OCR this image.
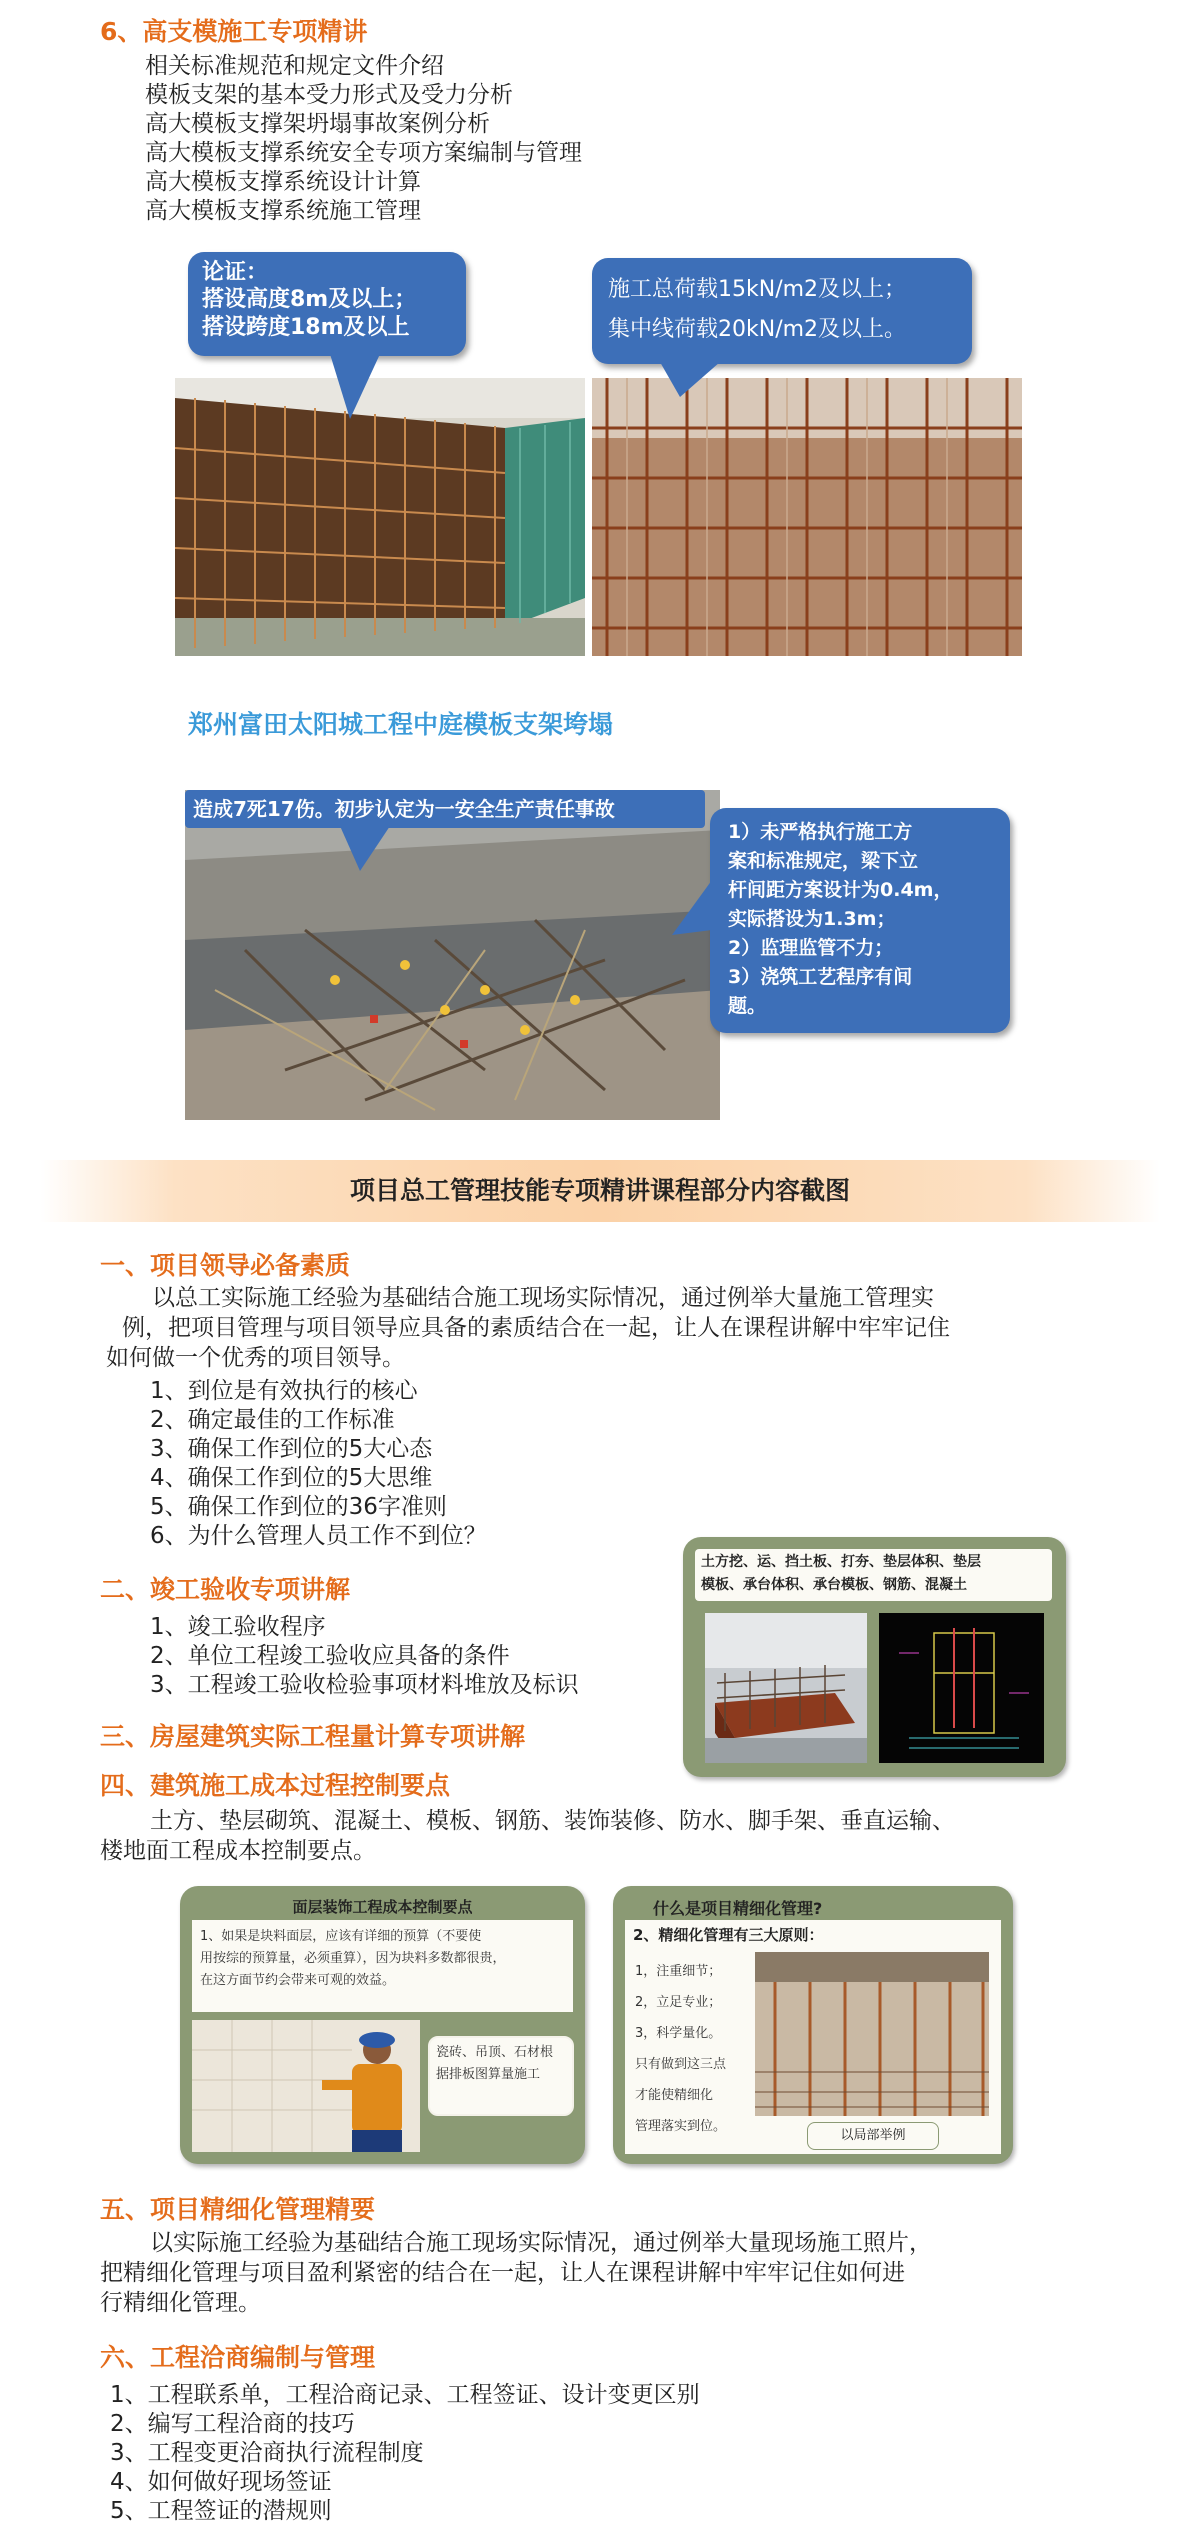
6、高支模施工专项精讲
相关标准规范和规定文件介绍
模板支架的基本受力形式及受力分析
高大模板支撑架坍塌事故案例分析
高大模板支撑系统安全专项方案编制与管理
高大模板支撑系统设计计算
高大模板支撑系统施工管理
论证：
搭设高度8m及以上；
搭设跨度18m及以上
施工总荷载15kN/m2及以上；
集中线荷载20kN/m2及以上。
郑州富田太阳城工程中庭模板支架垮塌
造成7死17伤。初步认定为一安全生产责任事故
1）未严格执行施工方
案和标准规定，梁下立
杆间距方案设计为0.4m，
实际搭设为1.3m；
2）监理监管不力；
3）浇筑工艺程序有间
题。
项目总工管理技能专项精讲课程部分内容截图
一、项目领导必备素质
以总工实际施工经验为基础结合施工现场实际情况，通过例举大量施工管理实
例，把项目管理与项目领导应具备的素质结合在一起，让人在课程讲解中牢牢记住
如何做一个优秀的项目领导。
1、到位是有效执行的核心
2、确定最佳的工作标准
3、确保工作到位的5大心态
4、确保工作到位的5大思维
5、确保工作到位的36字准则
6、为什么管理人员工作不到位？
二、竣工验收专项讲解
1、竣工验收程序
2、单位工程竣工验收应具备的条件
3、工程竣工验收检验事项材料堆放及标识
土方挖、运、挡土板、打夯、垫层体积、垫层
模板、承台体积、承台模板、钢筋、混凝土
三、房屋建筑实际工程量计算专项讲解
四、建筑施工成本过程控制要点
土方、垫层砌筑、混凝土、模板、钢筋、装饰装修、防水、脚手架、垂直运输、
楼地面工程成本控制要点。
面层装饰工程成本控制要点
1、如果是块料面层，应该有详细的预算（不要使
用按综的预算量，必须重算），因为块料多数都很贵，
在这方面节约会带来可观的效益。
瓷砖、吊顶、石材根
据排板图算量施工
什么是项目精细化管理?
2、精细化管理有三大原则：
1，注重细节；
2，立足专业；
3，科学量化。
只有做到这三点
才能使精细化
管理落实到位。
以局部举例
五、项目精细化管理精要
以实际施工经验为基础结合施工现场实际情况，通过例举大量现场施工照片，
把精细化管理与项目盈利紧密的结合在一起，让人在课程讲解中牢牢记住如何进
行精细化管理。
六、工程洽商编制与管理
1、工程联系单，工程洽商记录、工程签证、设计变更区别
2、编写工程洽商的技巧
3、工程变更洽商执行流程制度
4、如何做好现场签证
5、工程签证的潜规则
